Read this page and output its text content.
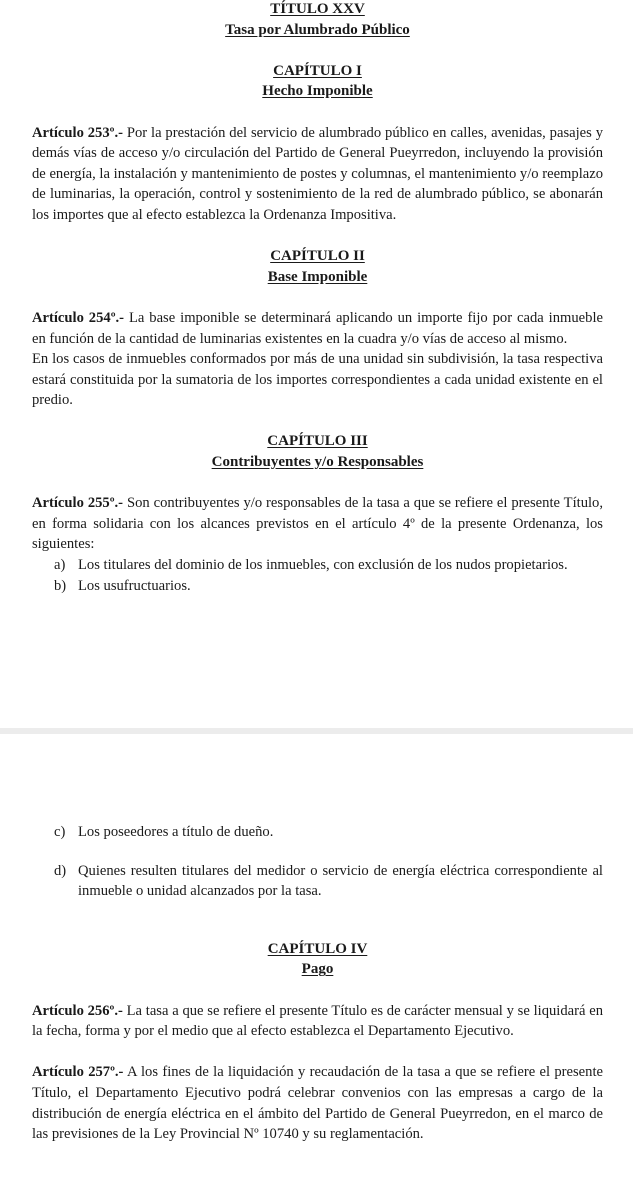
TÍTULO XXV
Tasa por Alumbrado Público
CAPÍTULO I
Hecho Imponible

Artículo 253º.- Por la prestación del servicio de alumbrado público en calles, avenidas, pasajes y demás vías de acceso y/o circulación del Partido de General Pueyrredon, incluyendo la provisión de energía, la instalación y mantenimiento de postes y columnas, el mantenimiento y/o reemplazo de luminarias, la operación, control y sostenimiento de la red de alumbrado público, se abonarán los importes que al efecto establezca la Ordenanza Impositiva.

CAPÍTULO II
Base Imponible

Artículo 254º.- La base imponible se determinará aplicando un importe fijo por cada inmueble en función de la cantidad de luminarias existentes en la cuadra y/o vías de acceso al mismo.

En los casos de inmuebles conformados por más de una unidad sin subdivisión, la tasa respectiva estará constituida por la sumatoria de los importes correspondientes a cada unidad existente en el predio.

CAPÍTULO III
Contribuyentes y/o Responsables

Artículo 255º.- Son contribuyentes y/o responsables de la tasa a que se refiere el presente Título, en forma solidaria con los alcances previstos en el artículo 4º de la presente Ordenanza, los siguientes:

a) Los titulares del dominio de los inmuebles, con exclusión de los nudos propietarios.
b) Los usufructuarios.
c) Los poseedores a título de dueño.
d) Quienes resulten titulares del medidor o servicio de energía eléctrica correspondiente al inmueble o unidad alcanzados por la tasa.
CAPÍTULO IV
Pago

Artículo 256º.- La tasa a que se refiere el presente Título es de carácter mensual y se liquidará en la fecha, forma y por el medio que al efecto establezca el Departamento Ejecutivo.

Artículo 257º.- A los fines de la liquidación y recaudación de la tasa a que se refiere el presente Título, el Departamento Ejecutivo podrá celebrar convenios con las empresas a cargo de la distribución de energía eléctrica en el ámbito del Partido de General Pueyrredon, en el marco de las previsiones de la Ley Provincial Nº 10740 y su reglamentación.
